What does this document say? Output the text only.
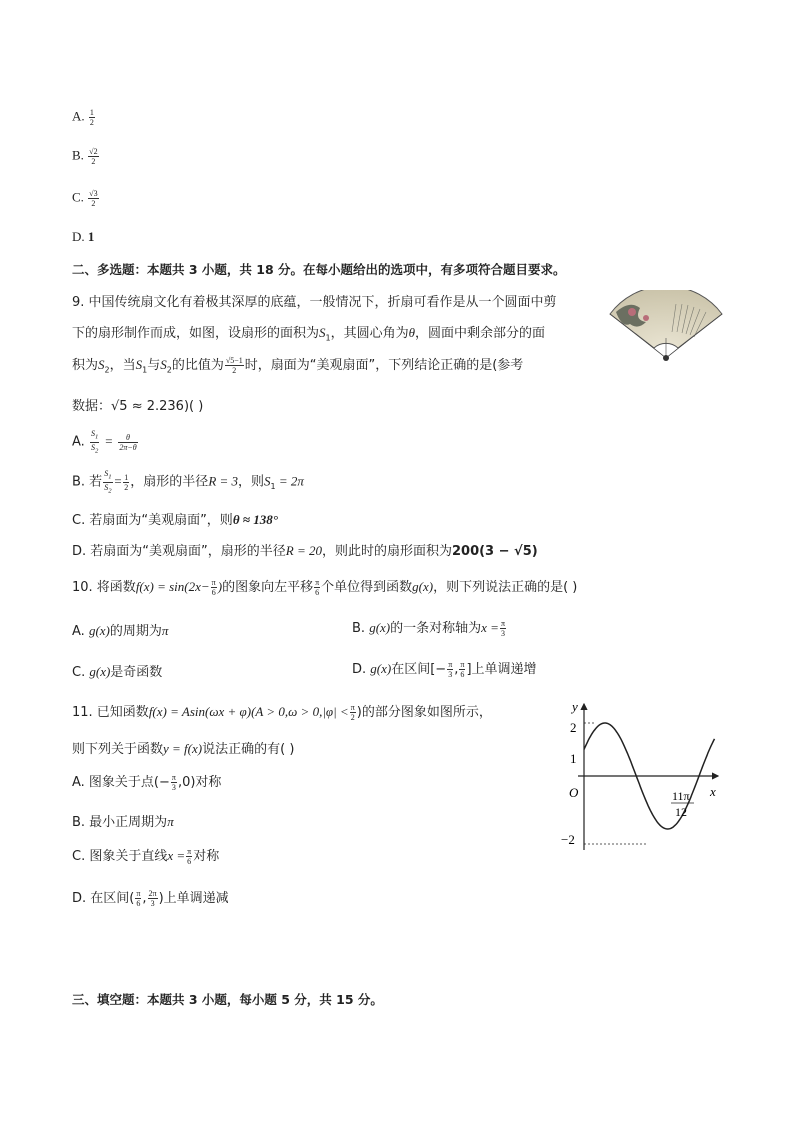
A. $\frac{1}{2}$
B. $\frac{√2}{2}$
C. $\frac{√3}{2}$
D. 1
二、多选题：本题共 3 小题，共 18 分。在每小题给出的选项中，有多项符合题目要求。
9. 中国传统扇文化有着极其深厚的底蕴，一般情况下，折扇可看作是从一个圆面中剪
下的扇形制作而成，如图，设扇形的面积为$S_1$，其圆心角为θ，圆面中剩余部分的面
积为$S_2$，当$S_1$与$S_2$的比值为 $\frac{√5-1}{2}$ 时，扇面为“美观扇面”，下列结论正确的是(参考
数据：√5 ≈ 2.236)( )
A. $\frac{S_1}{S_2} = \frac{\theta}{2\pi-\theta}$
B. 若 $\frac{S_1}{S_2} = \frac{1}{2}$ ，扇形的半径R = 3，则$S_1 = 2\pi$
C. 若扇面为“美观扇面”，则θ ≈ 138°
D. 若扇面为“美观扇面”，扇形的半径R = 20，则此时的扇形面积为200(3 − √5)
10. 将函数$f(x) = \sin(2x- \frac{\pi}{6}$ )的图象向左平移 $\frac{\pi}{6}$ 个单位得到函数g(x)，则下列说法正确的是( )
A. g(x)的周期为π	B. g(x)的一条对称轴为$x = \frac{\pi}{3}$
C. g(x)是奇函数	D. g(x)在区间[− $\frac{\pi}{3}$ , $\frac{\pi}{6}$ ]上单调递增
11. 已知函数$f(x) = Asin(\omega x + \varphi)(A > 0,\omega > 0,|\varphi| < \frac{\pi}{2}$ )的部分图象如图所示，
则下列关于函数y = f(x)说法正确的有( )
A. 图象关于点(− $\frac{\pi}{3} ,0$)对称
B. 最小正周期为π
C. 图象关于直线$x = \frac{\pi}{6}$ 对称
D. 在区间( $\frac{\pi}{6}$ , $\frac{2\pi}{3}$ )上单调递减
y
x
O
2
1
−2
11π
12
三、填空题：本题共 3 小题，每小题 5 分，共 15 分。
